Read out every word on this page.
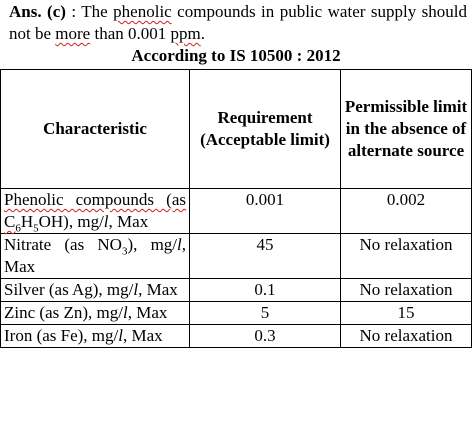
Ans. (c) : The phenolic compounds in public water supply should not be more than 0.001 ppm.
According to IS 10500 : 2012
Characteristic	Requirement (Acceptable limit)	Permissible limit in the absence of alternate source
Phenolic compounds (as $C_6H_5OH$), mg/l, Max	0.001	0.002
Nitrate (as $NO_3$), mg/l, Max	45	No relaxation
Silver (as Ag), mg/l, Max	0.1	No relaxation
Zinc (as Zn), mg/l, Max	5	15
Iron (as Fe), mg/l, Max	0.3	No relaxation
